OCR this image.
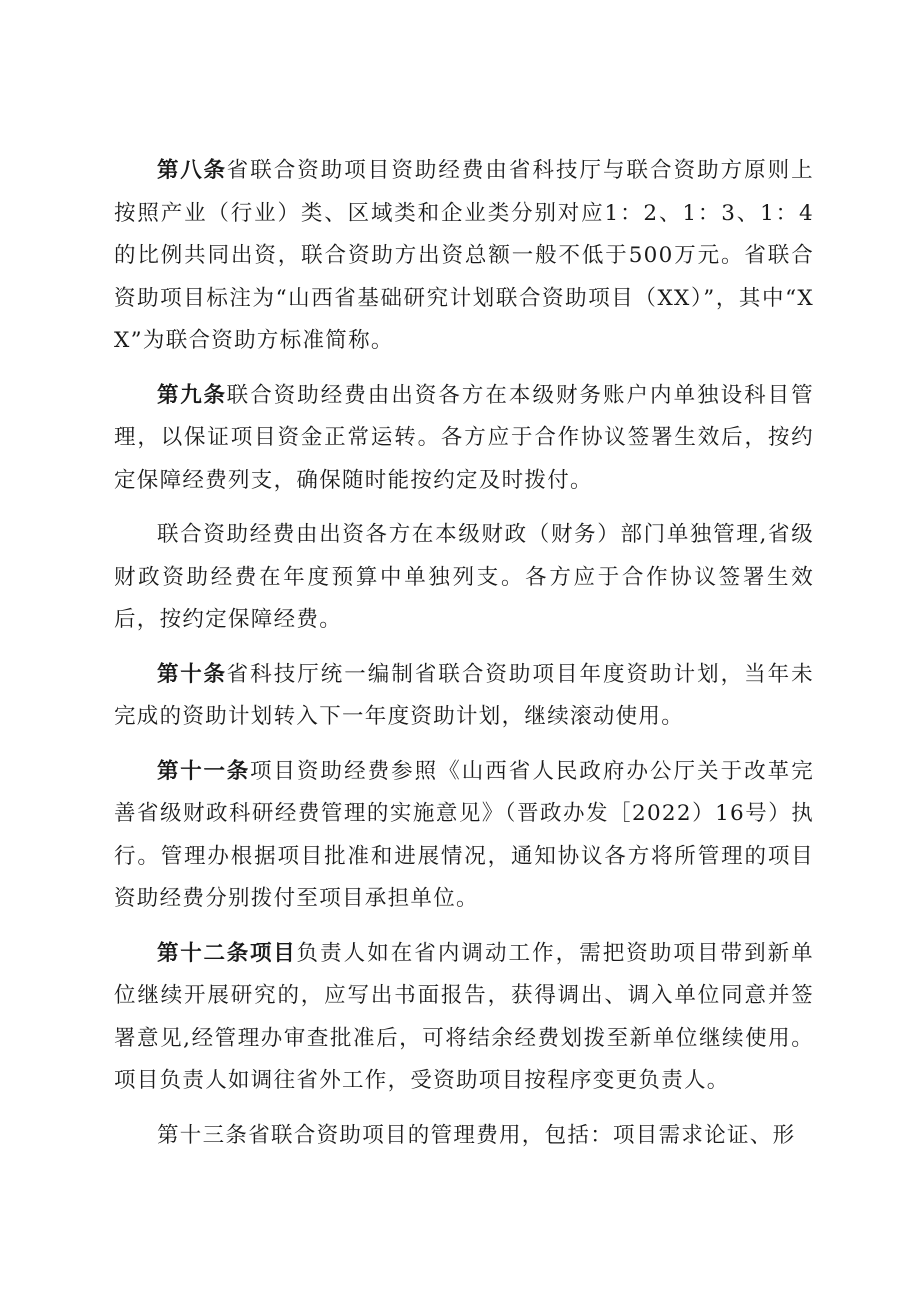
第八条省联合资助项目资助经费由省科技厅与联合资助方原则上按照产业（行业）类、区域类和企业类分别对应1：2、1：3、1：4的比例共同出资，联合资助方出资总额一般不低于500万元。省联合资助项目标注为“山西省基础研究计划联合资助项目（XX）”，其中“XX”为联合资助方标准简称。

第九条联合资助经费由出资各方在本级财务账户内单独设科目管理，以保证项目资金正常运转。各方应于合作协议签署生效后，按约定保障经费列支，确保随时能按约定及时拨付。

联合资助经费由出资各方在本级财政（财务）部门单独管理,省级财政资助经费在年度预算中单独列支。各方应于合作协议签署生效后，按约定保障经费。

第十条省科技厅统一编制省联合资助项目年度资助计划，当年未完成的资助计划转入下一年度资助计划，继续滚动使用。

第十一条项目资助经费参照《山西省人民政府办公厅关于改革完善省级财政科研经费管理的实施意见》（晋政办发［2022）16号）执行。管理办根据项目批准和进展情况，通知协议各方将所管理的项目资助经费分别拨付至项目承担单位。

第十二条项目负责人如在省内调动工作，需把资助项目带到新单位继续开展研究的，应写出书面报告，获得调出、调入单位同意并签署意见,经管理办审查批准后，可将结余经费划拨至新单位继续使用。项目负责人如调往省外工作，受资助项目按程序变更负责人。

第十三条省联合资助项目的管理费用，包括：项目需求论证、形
